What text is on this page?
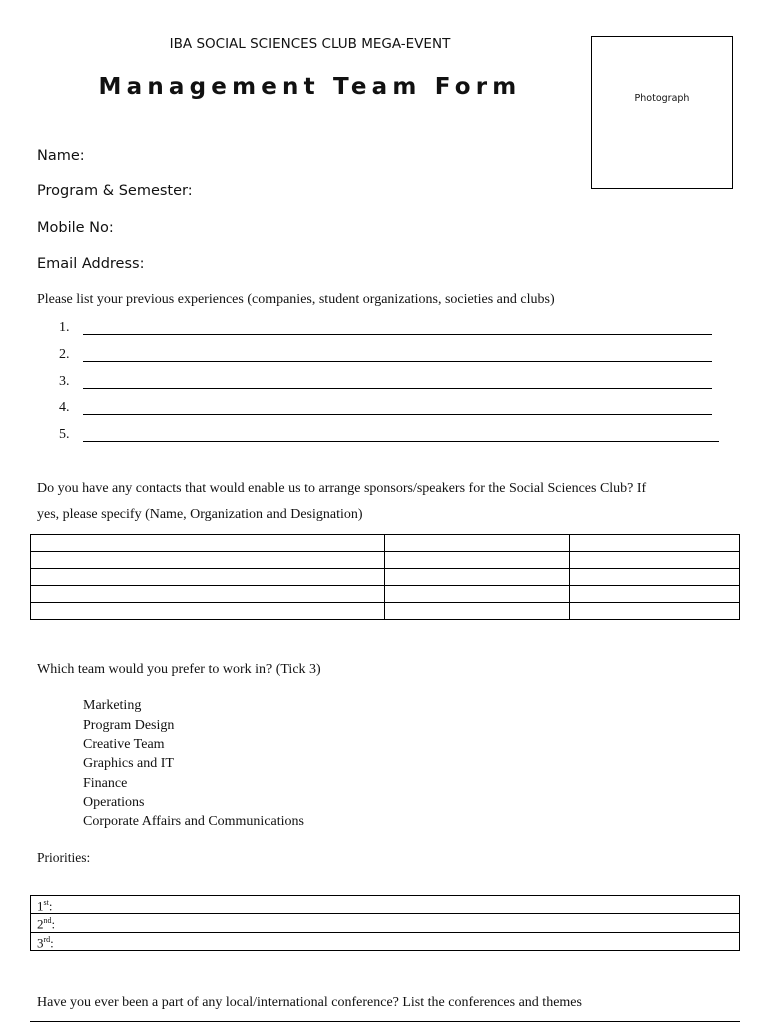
IBA SOCIAL SCIENCES CLUB MEGA-EVENT
Management Team Form	Photograph
Name:
Program & Semester:
Mobile No:
Email Address:
Please list your previous experiences (companies, student organizations, societies and clubs)
1.
2.
3.
4.
5.
Do you have any contacts that would enable us to arrange sponsors/speakers for the Social Sciences Club? If
yes, please specify (Name, Organization and Designation)

Which team would you prefer to work in? (Tick 3)
Marketing
Program Design
Creative Team
Graphics and IT
Finance
Operations
Corporate Affairs and Communications
Priorities:
1st:
2nd:
3rd:
Have you ever been a part of any local/international conference? List the conferences and themes
